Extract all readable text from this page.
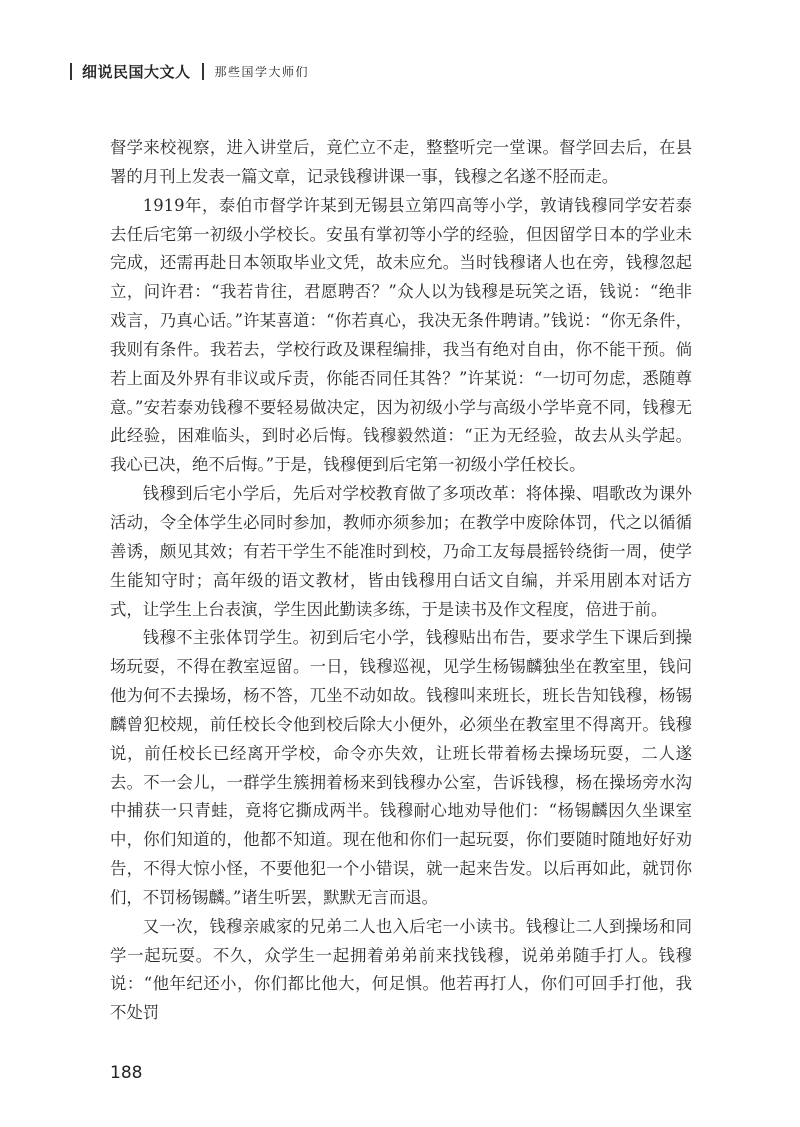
细说民国大文人 那些国学大师们

督学来校视察，进入讲堂后，竟伫立不走，整整听完一堂课。督学回去后，在县署的月刊上发表一篇文章，记录钱穆讲课一事，钱穆之名遂不胫而走。

1919年，泰伯市督学许某到无锡县立第四高等小学，敦请钱穆同学安若泰去任后宅第一初级小学校长。安虽有掌初等小学的经验，但因留学日本的学业未完成，还需再赴日本领取毕业文凭，故未应允。当时钱穆诸人也在旁，钱穆忽起立，问许君：“我若肯往，君愿聘否？”众人以为钱穆是玩笑之语，钱说：“绝非戏言，乃真心话。”许某喜道：“你若真心，我决无条件聘请。”钱说：“你无条件，我则有条件。我若去，学校行政及课程编排，我当有绝对自由，你不能干预。倘若上面及外界有非议或斥责，你能否同任其咎？”许某说：“一切可勿虑，悉随尊意。”安若泰劝钱穆不要轻易做决定，因为初级小学与高级小学毕竟不同，钱穆无此经验，困难临头，到时必后悔。钱穆毅然道：“正为无经验，故去从头学起。我心已决，绝不后悔。”于是，钱穆便到后宅第一初级小学任校长。

钱穆到后宅小学后，先后对学校教育做了多项改革：将体操、唱歌改为课外活动，令全体学生必同时参加，教师亦须参加；在教学中废除体罚，代之以循循善诱，颇见其效；有若干学生不能准时到校，乃命工友每晨摇铃绕街一周，使学生能知守时；高年级的语文教材，皆由钱穆用白话文自编，并采用剧本对话方式，让学生上台表演，学生因此勤读多练，于是读书及作文程度，倍进于前。

钱穆不主张体罚学生。初到后宅小学，钱穆贴出布告，要求学生下课后到操场玩耍，不得在教室逗留。一日，钱穆巡视，见学生杨锡麟独坐在教室里，钱问他为何不去操场，杨不答，兀坐不动如故。钱穆叫来班长，班长告知钱穆，杨锡麟曾犯校规，前任校长令他到校后除大小便外，必须坐在教室里不得离开。钱穆说，前任校长已经离开学校，命令亦失效，让班长带着杨去操场玩耍，二人遂去。不一会儿，一群学生簇拥着杨来到钱穆办公室，告诉钱穆，杨在操场旁水沟中捕获一只青蛙，竟将它撕成两半。钱穆耐心地劝导他们：“杨锡麟因久坐课室中，你们知道的，他都不知道。现在他和你们一起玩耍，你们要随时随地好好劝告，不得大惊小怪，不要他犯一个小错误，就一起来告发。以后再如此，就罚你们，不罚杨锡麟。”诸生听罢，默默无言而退。

又一次，钱穆亲戚家的兄弟二人也入后宅一小读书。钱穆让二人到操场和同学一起玩耍。不久，众学生一起拥着弟弟前来找钱穆，说弟弟随手打人。钱穆说：“他年纪还小，你们都比他大，何足惧。他若再打人，你们可回手打他，我不处罚

188
